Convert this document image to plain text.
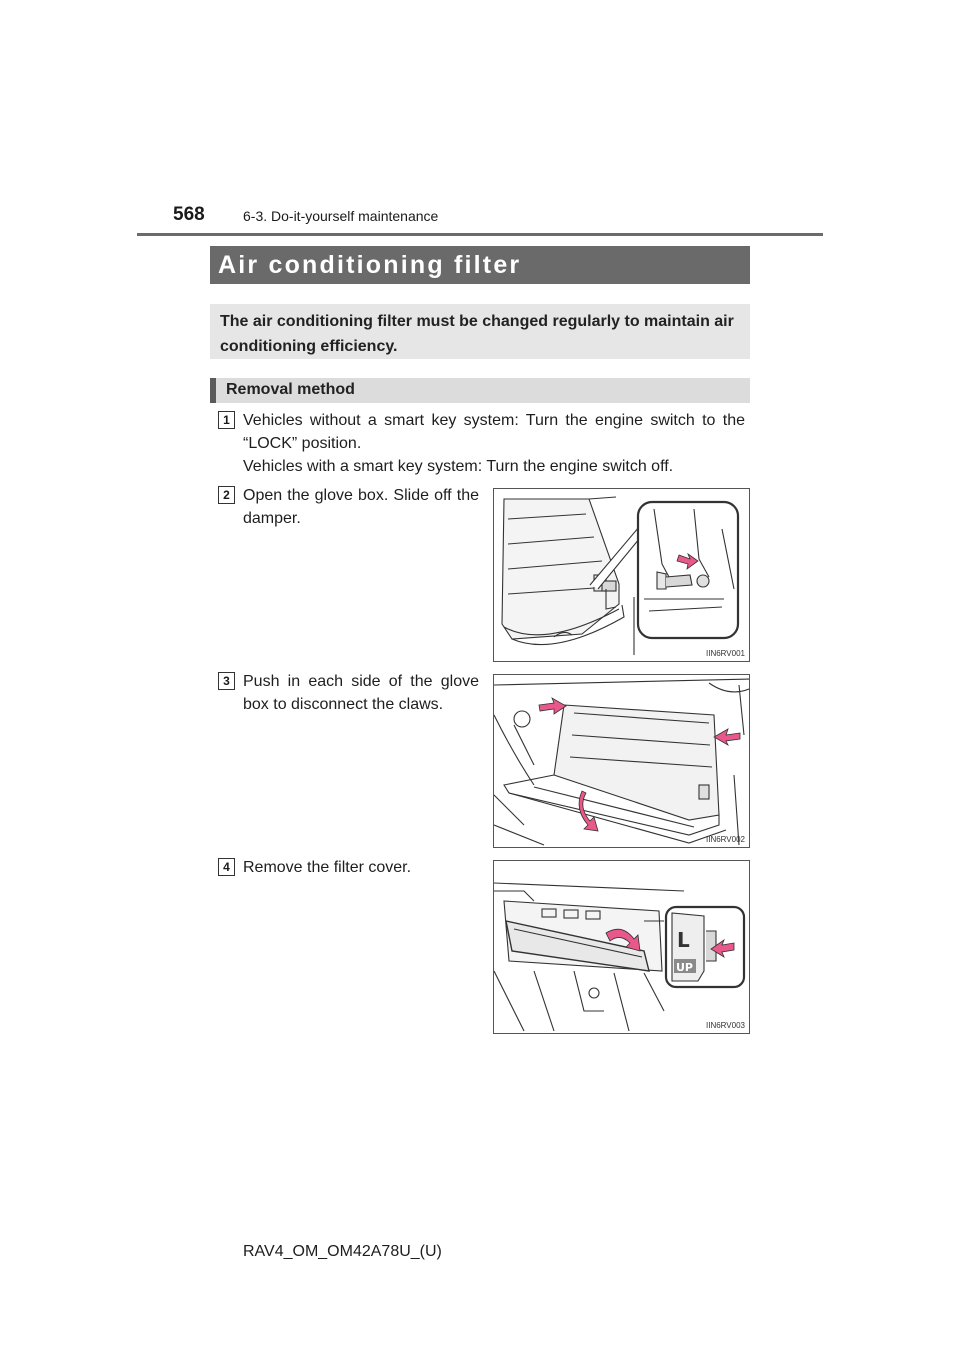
568	6-3. Do-it-yourself maintenance
Air conditioning filter
The air conditioning filter must be changed regularly to maintain air conditioning efficiency.
Removal method
1 Vehicles without a smart key system: Turn the engine switch to the “LOCK” position.
Vehicles with a smart key system: Turn the engine switch off.
2 Open the glove box. Slide off the damper.
IIN6RV001
3 Push in each side of the glove box to disconnect the claws.
IIN6RV002
4 Remove the filter cover.
L
UP
IIN6RV003
RAV4_OM_OM42A78U_(U)
